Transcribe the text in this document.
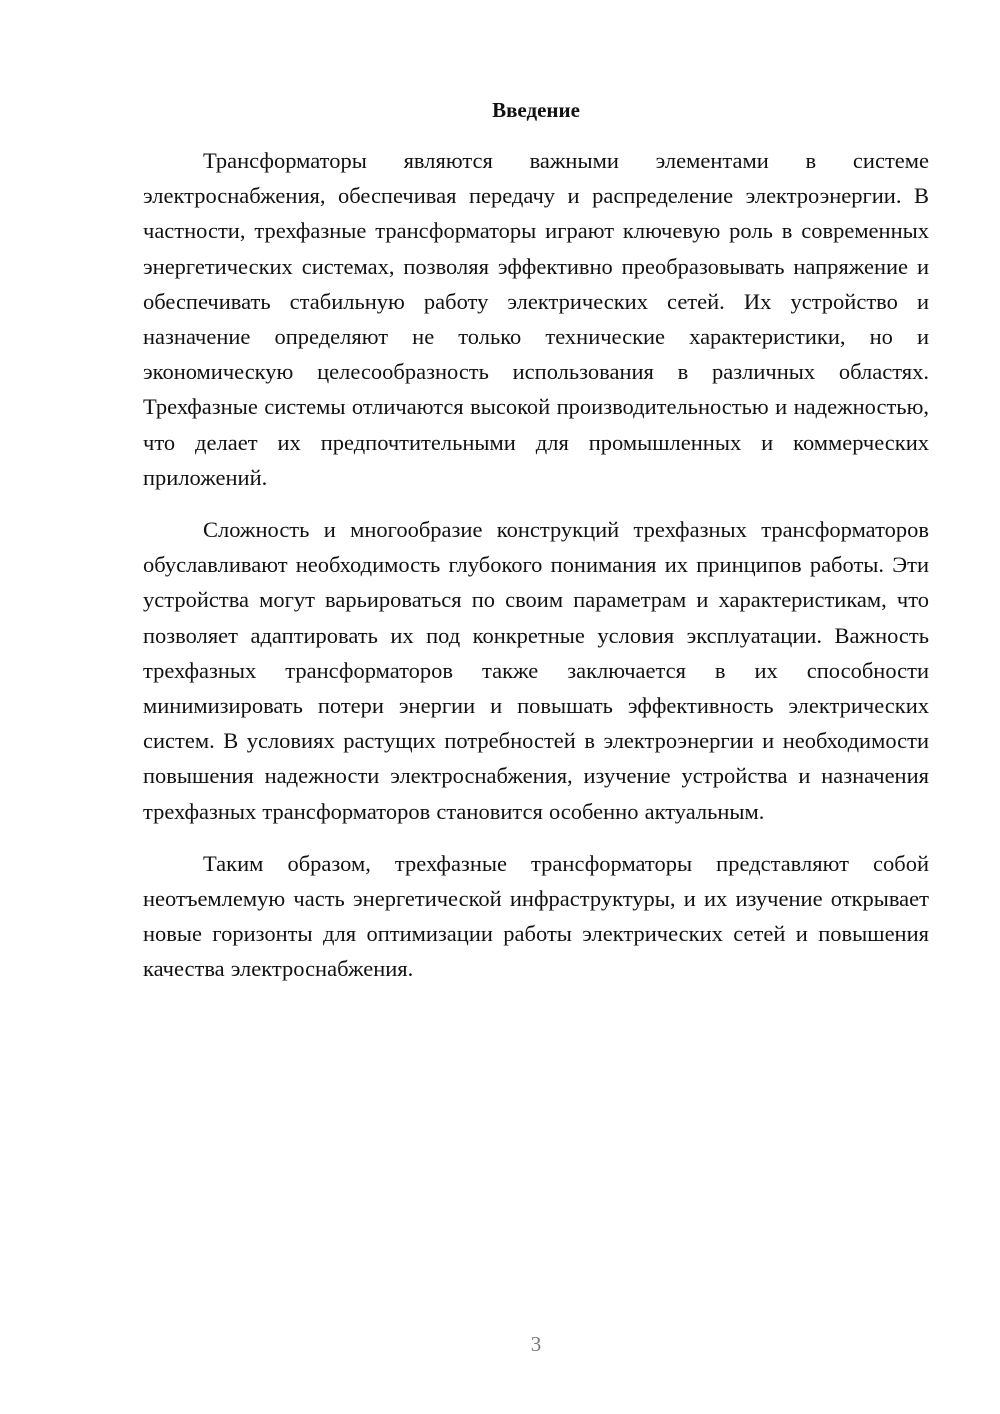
Введение

Трансформаторы являются важными элементами в системе электроснабжения, обеспечивая передачу и распределение электроэнергии. В частности, трехфазные трансформаторы играют ключевую роль в современных энергетических системах, позволяя эффективно преобразовывать напряжение и обеспечивать стабильную работу электрических сетей. Их устройство и назначение определяют не только технические характеристики, но и экономическую целесообразность использования в различных областях. Трехфазные системы отличаются высокой производительностью и надежностью, что делает их предпочтительными для промышленных и коммерческих приложений.

Сложность и многообразие конструкций трехфазных трансформаторов обуславливают необходимость глубокого понимания их принципов работы. Эти устройства могут варьироваться по своим параметрам и характеристикам, что позволяет адаптировать их под конкретные условия эксплуатации. Важность трехфазных трансформаторов также заключается в их способности минимизировать потери энергии и повышать эффективность электрических систем. В условиях растущих потребностей в электроэнергии и необходимости повышения надежности электроснабжения, изучение устройства и назначения трехфазных трансформаторов становится особенно актуальным.

Таким образом, трехфазные трансформаторы представляют собой неотъемлемую часть энергетической инфраструктуры, и их изучение открывает новые горизонты для оптимизации работы электрических сетей и повышения качества электроснабжения.

3
